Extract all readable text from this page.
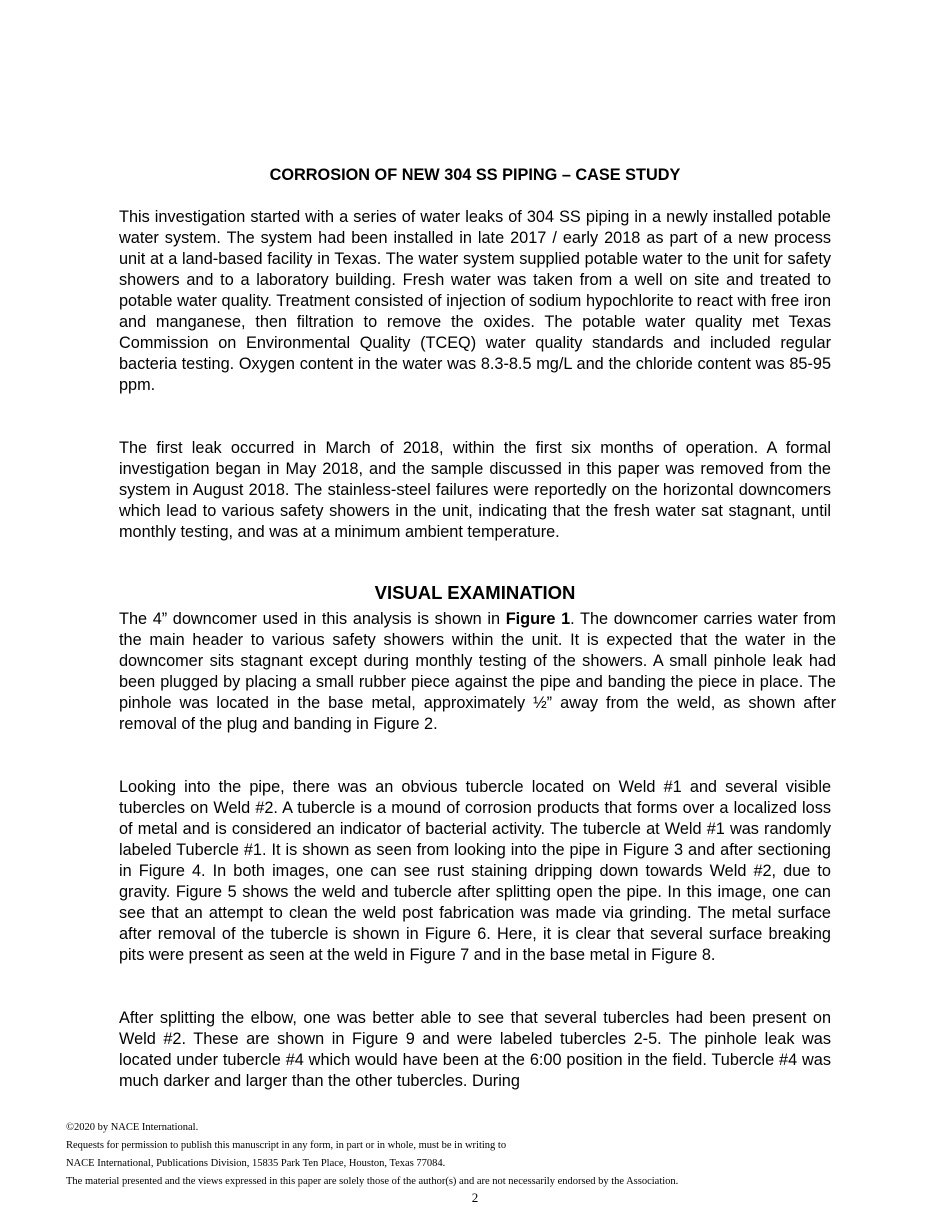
CORROSION OF NEW 304 SS PIPING – CASE STUDY

This investigation started with a series of water leaks of 304 SS piping in a newly installed potable water system. The system had been installed in late 2017 / early 2018 as part of a new process unit at a land-based facility in Texas. The water system supplied potable water to the unit for safety showers and to a laboratory building. Fresh water was taken from a well on site and treated to potable water quality. Treatment consisted of injection of sodium hypochlorite to react with free iron and manganese, then filtration to remove the oxides. The potable water quality met Texas Commission on Environmental Quality (TCEQ) water quality standards and included regular bacteria testing. Oxygen content in the water was 8.3-8.5 mg/L and the chloride content was 85-95 ppm.

The first leak occurred in March of 2018, within the first six months of operation. A formal investigation began in May 2018, and the sample discussed in this paper was removed from the system in August 2018. The stainless-steel failures were reportedly on the horizontal downcomers which lead to various safety showers in the unit, indicating that the fresh water sat stagnant, until monthly testing, and was at a minimum ambient temperature.

VISUAL EXAMINATION

The 4” downcomer used in this analysis is shown in Figure 1. The downcomer carries water from the main header to various safety showers within the unit. It is expected that the water in the downcomer sits stagnant except during monthly testing of the showers. A small pinhole leak had been plugged by placing a small rubber piece against the pipe and banding the piece in place. The pinhole was located in the base metal, approximately ½” away from the weld, as shown after removal of the plug and banding in Figure 2.

Looking into the pipe, there was an obvious tubercle located on Weld #1 and several visible tubercles on Weld #2. A tubercle is a mound of corrosion products that forms over a localized loss of metal and is considered an indicator of bacterial activity. The tubercle at Weld #1 was randomly labeled Tubercle #1. It is shown as seen from looking into the pipe in Figure 3 and after sectioning in Figure 4. In both images, one can see rust staining dripping down towards Weld #2, due to gravity. Figure 5 shows the weld and tubercle after splitting open the pipe. In this image, one can see that an attempt to clean the weld post fabrication was made via grinding. The metal surface after removal of the tubercle is shown in Figure 6. Here, it is clear that several surface breaking pits were present as seen at the weld in Figure 7 and in the base metal in Figure 8.

After splitting the elbow, one was better able to see that several tubercles had been present on Weld #2. These are shown in Figure 9 and were labeled tubercles 2-5. The pinhole leak was located under tubercle #4 which would have been at the 6:00 position in the field. Tubercle #4 was much darker and larger than the other tubercles. During

©2020 by NACE International.

Requests for permission to publish this manuscript in any form, in part or in whole, must be in writing to

NACE International, Publications Division, 15835 Park Ten Place, Houston, Texas 77084.

The material presented and the views expressed in this paper are solely those of the author(s) and are not necessarily endorsed by the Association.

2
